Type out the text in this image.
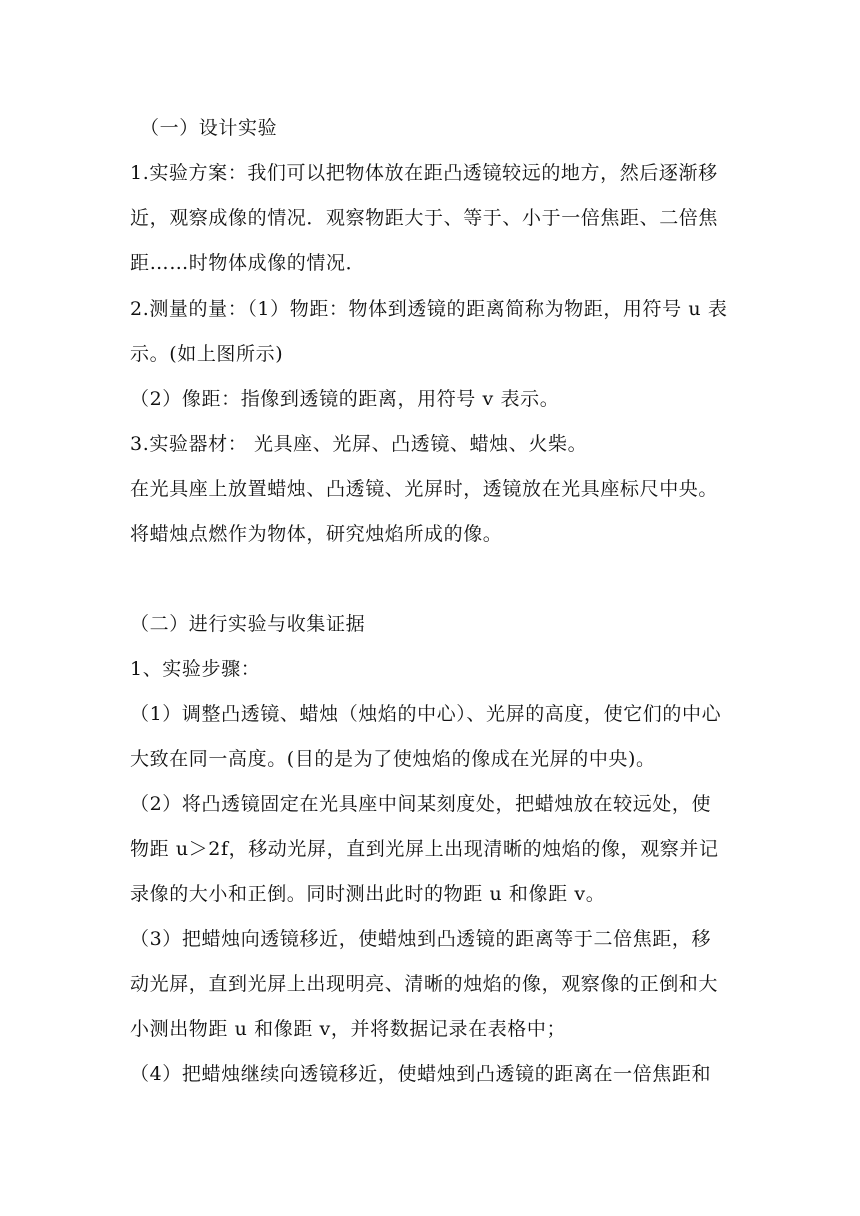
（一）设计实验
1.实验方案：我们可以把物体放在距凸透镜较远的地方，然后逐渐移
近，观察成像的情况．观察物距大于、等于、小于一倍焦距、二倍焦
距……时物体成像的情况．
2.测量的量：（1）物距：物体到透镜的距离简称为物距，用符号 u 表
示。(如上图所示)
（2）像距：指像到透镜的距离，用符号 v 表示。
3.实验器材： 光具座、光屏、凸透镜、蜡烛、火柴。
在光具座上放置蜡烛、凸透镜、光屏时，透镜放在光具座标尺中央。
将蜡烛点燃作为物体，研究烛焰所成的像。
（二）进行实验与收集证据
1、实验步骤：
（1）调整凸透镜、蜡烛（烛焰的中心）、光屏的高度，使它们的中心
大致在同一高度。(目的是为了使烛焰的像成在光屏的中央)。
（2）将凸透镜固定在光具座中间某刻度处，把蜡烛放在较远处，使
物距 u＞2f，移动光屏，直到光屏上出现清晰的烛焰的像，观察并记
录像的大小和正倒。同时测出此时的物距 u 和像距 v。
（3）把蜡烛向透镜移近，使蜡烛到凸透镜的距离等于二倍焦距，移
动光屏，直到光屏上出现明亮、清晰的烛焰的像，观察像的正倒和大
小测出物距 u 和像距 v，并将数据记录在表格中；
（4）把蜡烛继续向透镜移近，使蜡烛到凸透镜的距离在一倍焦距和
